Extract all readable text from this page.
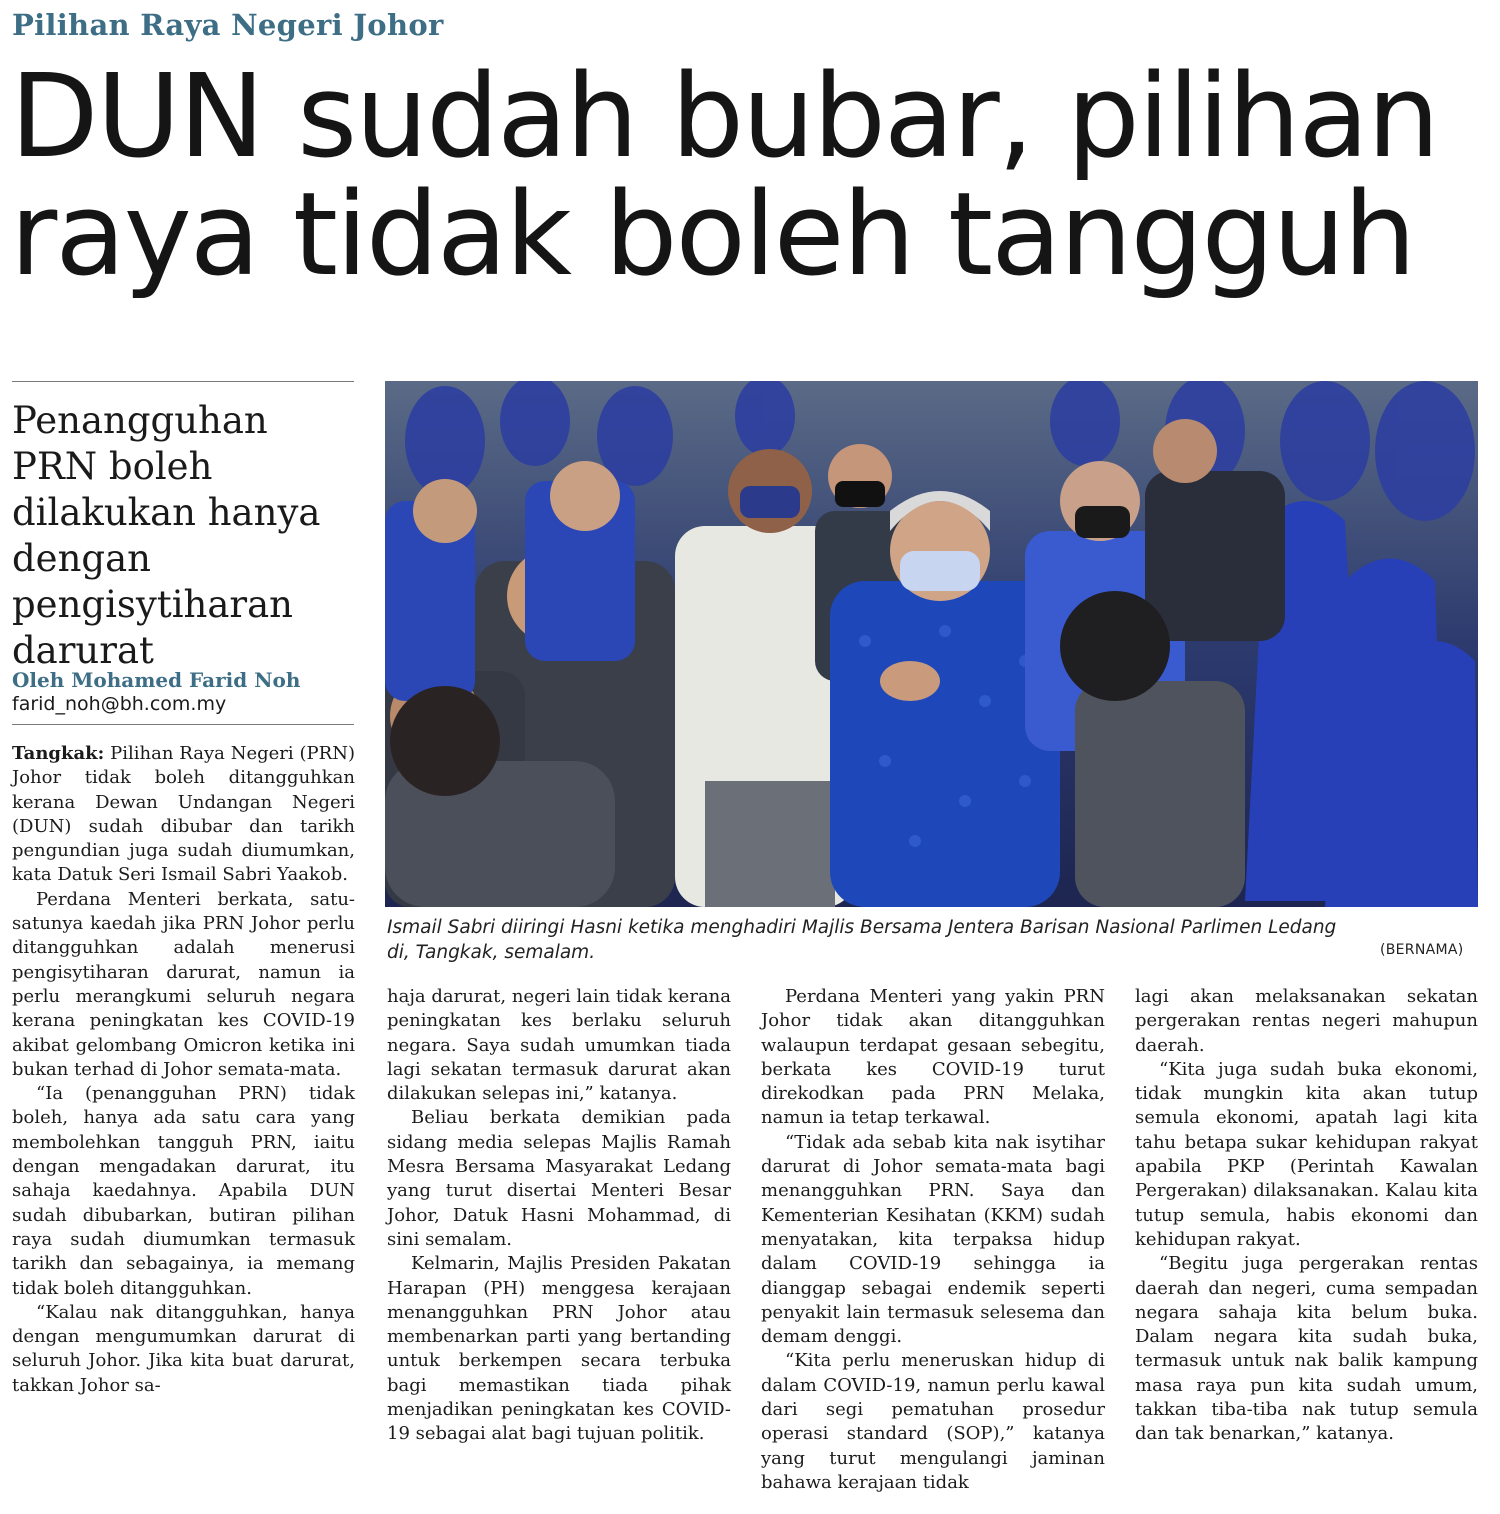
Pilihan Raya Negeri Johor
DUN sudah bubar, pilihan
raya tidak boleh tangguh
Penangguhan PRN boleh dilakukan hanya dengan pengisytiharan darurat
Oleh Mohamed Farid Noh
farid_noh@bh.com.my
Ismail Sabri diiringi Hasni ketika menghadiri Majlis Bersama Jentera Barisan Nasional Parlimen Ledang
di, Tangkak, semalam.	(BERNAMA)

Tangkak: Pilihan Raya Negeri (PRN) Johor tidak boleh ditangguhkan kerana Dewan Undangan Negeri (DUN) sudah dibubar dan tarikh pengundian juga sudah diumumkan, kata Datuk Seri Ismail Sabri Yaakob.

Perdana Menteri berkata, satu-satunya kaedah jika PRN Johor perlu ditangguhkan adalah menerusi pengisytiharan darurat, namun ia perlu merangkumi seluruh negara kerana peningkatan kes COVID-19 akibat gelombang Omicron ketika ini bukan terhad di Johor semata-mata.

“Ia (penangguhan PRN) tidak boleh, hanya ada satu cara yang membolehkan tangguh PRN, iaitu dengan mengadakan darurat, itu sahaja kaedahnya. Apabila DUN sudah dibubarkan, butiran pilihan raya sudah diumumkan termasuk tarikh dan sebagainya, ia memang tidak boleh ditangguhkan.

“Kalau nak ditangguhkan, hanya dengan mengumumkan darurat di seluruh Johor. Jika kita buat darurat, takkan Johor sa-

haja darurat, negeri lain tidak kerana peningkatan kes berlaku seluruh negara. Saya sudah umumkan tiada lagi sekatan termasuk darurat akan dilakukan selepas ini,” katanya.

Beliau berkata demikian pada sidang media selepas Majlis Ramah Mesra Bersama Masyarakat Ledang yang turut disertai Menteri Besar Johor, Datuk Hasni Mohammad, di sini semalam.

Kelmarin, Majlis Presiden Pakatan Harapan (PH) menggesa kerajaan menangguhkan PRN Johor atau membenarkan parti yang bertanding untuk berkempen secara terbuka bagi memastikan tiada pihak menjadikan peningkatan kes COVID-19 sebagai alat bagi tujuan politik.

Perdana Menteri yang yakin PRN Johor tidak akan ditangguhkan walaupun terdapat gesaan sebegitu, berkata kes COVID-19 turut direkodkan pada PRN Melaka, namun ia tetap terkawal.

“Tidak ada sebab kita nak isytihar darurat di Johor semata-mata bagi menangguhkan PRN. Saya dan Kementerian Kesihatan (KKM) sudah menyatakan, kita terpaksa hidup dalam COVID-19 sehingga ia dianggap sebagai endemik seperti penyakit lain termasuk selesema dan demam denggi.

“Kita perlu meneruskan hidup di dalam COVID-19, namun perlu kawal dari segi pematuhan prosedur operasi standard (SOP),” katanya yang turut mengulangi jaminan bahawa kerajaan tidak

lagi akan melaksanakan sekatan pergerakan rentas negeri mahupun daerah.

“Kita juga sudah buka ekonomi, tidak mungkin kita akan tutup semula ekonomi, apatah lagi kita tahu betapa sukar kehidupan rakyat apabila PKP (Perintah Kawalan Pergerakan) dilaksanakan. Kalau kita tutup semula, habis ekonomi dan kehidupan rakyat.

“Begitu juga pergerakan rentas daerah dan negeri, cuma sempadan negara sahaja kita belum buka. Dalam negara kita sudah buka, termasuk untuk nak balik kampung masa raya pun kita sudah umum, takkan tiba-tiba nak tutup semula dan tak benarkan,” katanya.
